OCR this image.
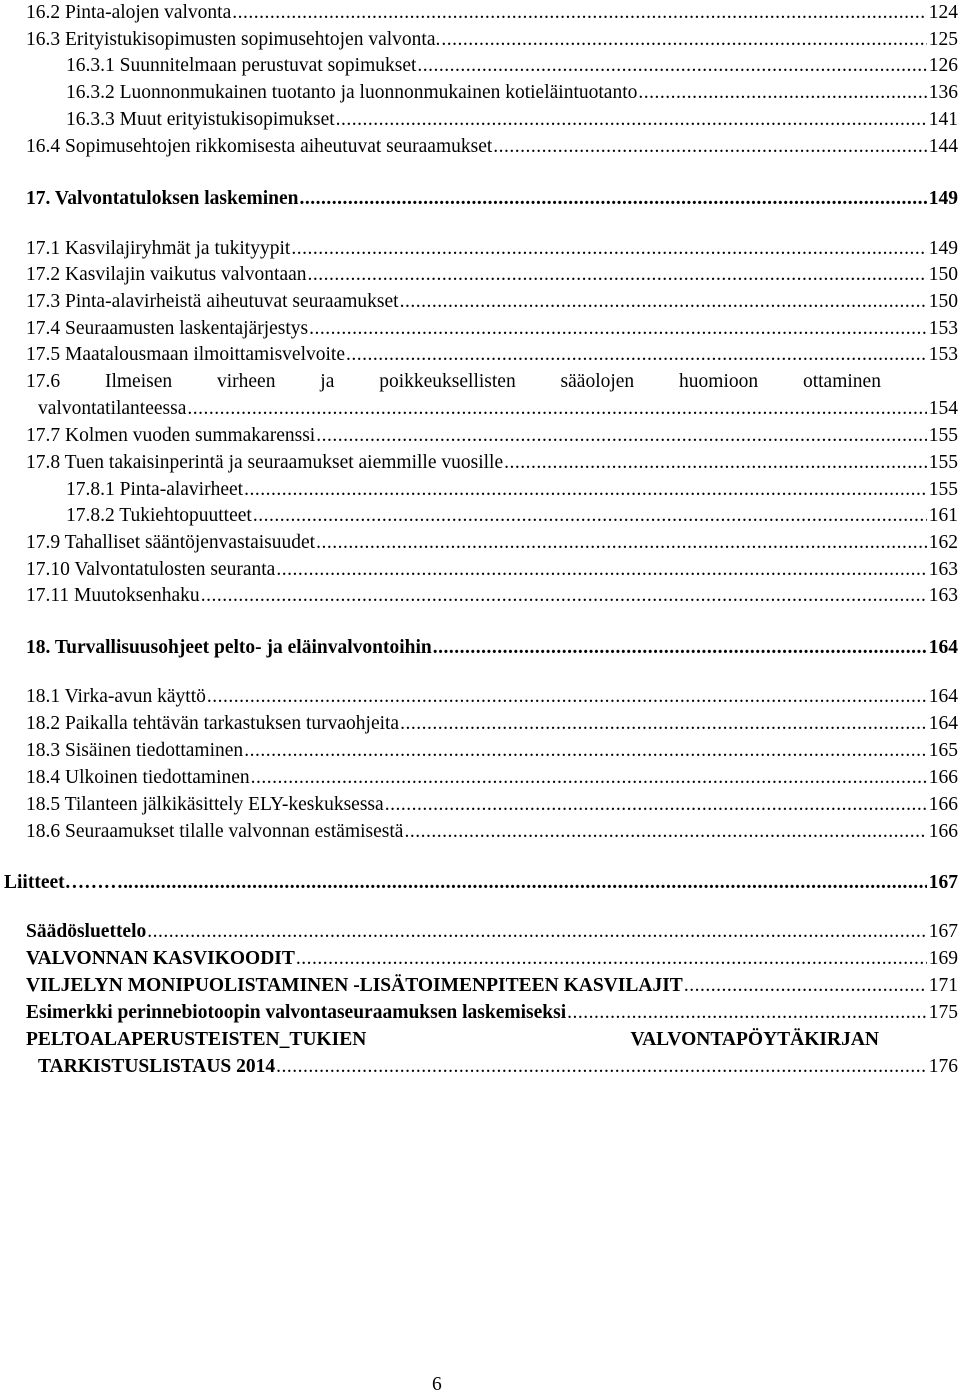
16.2 Pinta-alojen valvonta .....	124
16.3 Erityistukisopimusten sopimusehtojen valvonta. .....	125
16.3.1 Suunnitelmaan perustuvat sopimukset .....	126
16.3.2 Luonnonmukainen tuotanto ja luonnonmukainen kotieläintuotanto .....	136
16.3.3 Muut erityistukisopimukset .....	141
16.4 Sopimusehtojen rikkomisesta aiheutuvat seuraamukset .....	144
17. Valvontatuloksen laskeminen .....	149
17.1 Kasvilajiryhmät ja tukityypit .....	149
17.2 Kasvilajin vaikutus valvontaan .....	150
17.3 Pinta-alavirheistä aiheutuvat seuraamukset .....	150
17.4 Seuraamusten laskentajärjestys .....	153
17.5 Maatalousmaan ilmoittamisvelvoite .....	153
17.6 Ilmeisen virheen ja poikkeuksellisten sääolojen huomioon ottaminen
valvontatilanteessa .....	154
17.7 Kolmen vuoden summakarenssi .....	155
17.8 Tuen takaisinperintä ja seuraamukset aiemmille vuosille .....	155
17.8.1 Pinta-alavirheet .....	155
17.8.2 Tukiehtopuutteet .....	161
17.9 Tahalliset sääntöjenvastaisuudet .....	162
17.10 Valvontatulosten seuranta .....	163
17.11 Muutoksenhaku .....	163
18. Turvallisuusohjeet pelto- ja eläinvalvontoihin .....	164
18.1 Virka-avun käyttö .....	164
18.2 Paikalla tehtävän tarkastuksen turvaohjeita .....	164
18.3 Sisäinen tiedottaminen .....	165
18.4 Ulkoinen tiedottaminen .....	166
18.5 Tilanteen jälkikäsittely ELY-keskuksessa .....	166
18.6 Seuraamukset tilalle valvonnan estämisestä .....	166
Liitteet ……….. .....	167
Säädösluettelo .....	167
VALVONNAN KASVIKOODIT .....	169
VILJELYN MONIPUOLISTAMINEN -LISÄTOIMENPITEEN KASVILAJIT .....	171
Esimerkki perinnebiotoopin valvontaseuraamuksen laskemiseksi .....	175
PELTOALAPERUSTEISTEN_TUKIEN	VALVONTAPÖYTÄKIRJAN
TARKISTUSLISTAUS 2014 .....	176
6
